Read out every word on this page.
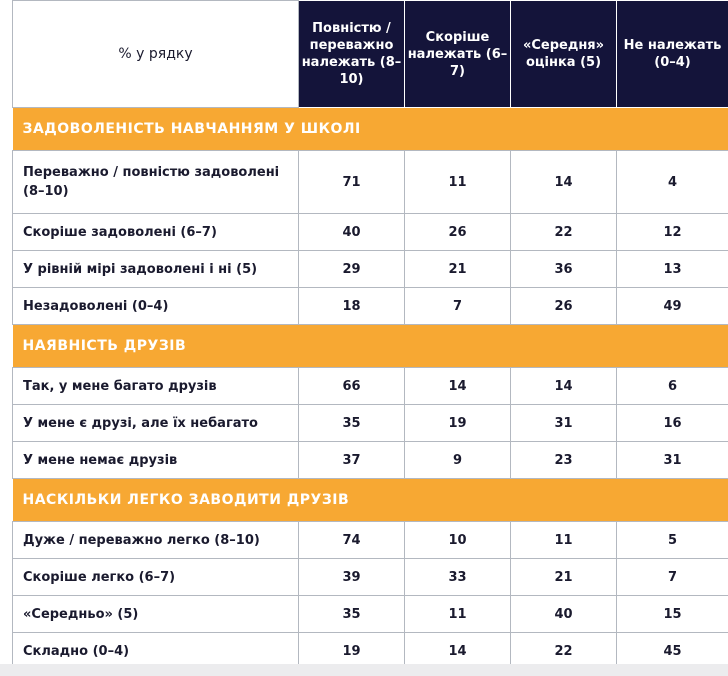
% у рядку	Повністю / переважно належать (8–10)	Скоріше належать (6–7)	«Середня» оцінка (5)	Не належать (0–4)
ЗАДОВОЛЕНІСТЬ НАВЧАННЯМ У ШКОЛІ				
Переважно / повністю задоволені (8–10)	71	11	14	4
Скоріше задоволені (6–7)	40	26	22	12
У рівній мірі задоволені і ні (5)	29	21	36	13
Незадоволені (0–4)	18	7	26	49
НАЯВНІСТЬ ДРУЗІВ				
Так, у мене багато друзів	66	14	14	6
У мене є друзі, але їх небагато	35	19	31	16
У мене немає друзів	37	9	23	31
НАСКІЛЬКИ ЛЕГКО ЗАВОДИТИ ДРУЗІВ				
Дуже / переважно легко (8–10)	74	10	11	5
Скоріше легко (6–7)	39	33	21	7
«Середньо» (5)	35	11	40	15
Складно (0–4)	19	14	22	45
